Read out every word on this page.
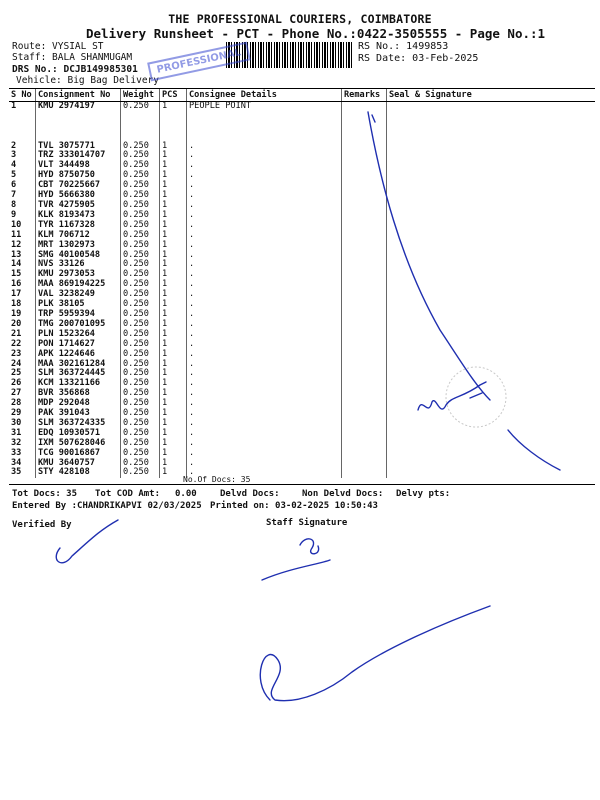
THE PROFESSIONAL COURIERS, COIMBATORE
Delivery Runsheet - PCT - Phone No.:0422-3505555 - Page No.:1
Route: VYSIAL ST
Staff: BALA SHANMUGAM
DRS No.: DCJB149985301
Vehicle: Big Bag Delivery
RS No.: 1499853
RS Date: 03-Feb-2025
PROFESSIONAL
S No	Consignment No	Weight	PCS	Consignee Details	Remarks	Seal & Signature
1	KMU 2974197	0.250	1	PEOPLE POINT		

2	TVL 3075771	0.250	1	.		
3	TRZ 333014707	0.250	1	.		
4	VLT 344498	0.250	1	.		
5	HYD 8750750	0.250	1	.		
6	CBT 70225667	0.250	1	.		
7	HYD 5666380	0.250	1	.		
8	TVR 4275905	0.250	1	.		
9	KLK 8193473	0.250	1	.		
10	TYR 1167328	0.250	1	.		
11	KLM 706712	0.250	1	.		
12	MRT 1302973	0.250	1	.		
13	SMG 40100548	0.250	1	.		
14	NVS 33126	0.250	1	.		
15	KMU 2973053	0.250	1	.		
16	MAA 869194225	0.250	1	.		
17	VAL 3238249	0.250	1	.		
18	PLK 38105	0.250	1	.		
19	TRP 5959394	0.250	1	.		
20	TMG 200701095	0.250	1	.		
21	PLN 1523264	0.250	1	.		
22	PON 1714627	0.250	1	.		
23	APK 1224646	0.250	1	.		
24	MAA 302161284	0.250	1	.		
25	SLM 363724445	0.250	1	.		
26	KCM 13321166	0.250	1	.		
27	BVR 356868	0.250	1	.		
28	MDP 292048	0.250	1	.		
29	PAK 391043	0.250	1	.		
30	SLM 363724335	0.250	1	.		
31	EDQ 10930571	0.250	1	.		
32	IXM 507628046	0.250	1	.		
33	TCG 90016867	0.250	1	.		
34	KMU 3640757	0.250	1	.		
35	STY 428108	0.250	1	.		
No.Of Docs: 35
Tot Docs: 35 Tot COD Amt: 0.00	Delvd Docs: Non Delvd Docs: Delvy pts:
Entered By :CHANDRIKAPVI 02/03/2025 Printed on: 03-02-2025 10:50:43
Verified By	Staff Signature
